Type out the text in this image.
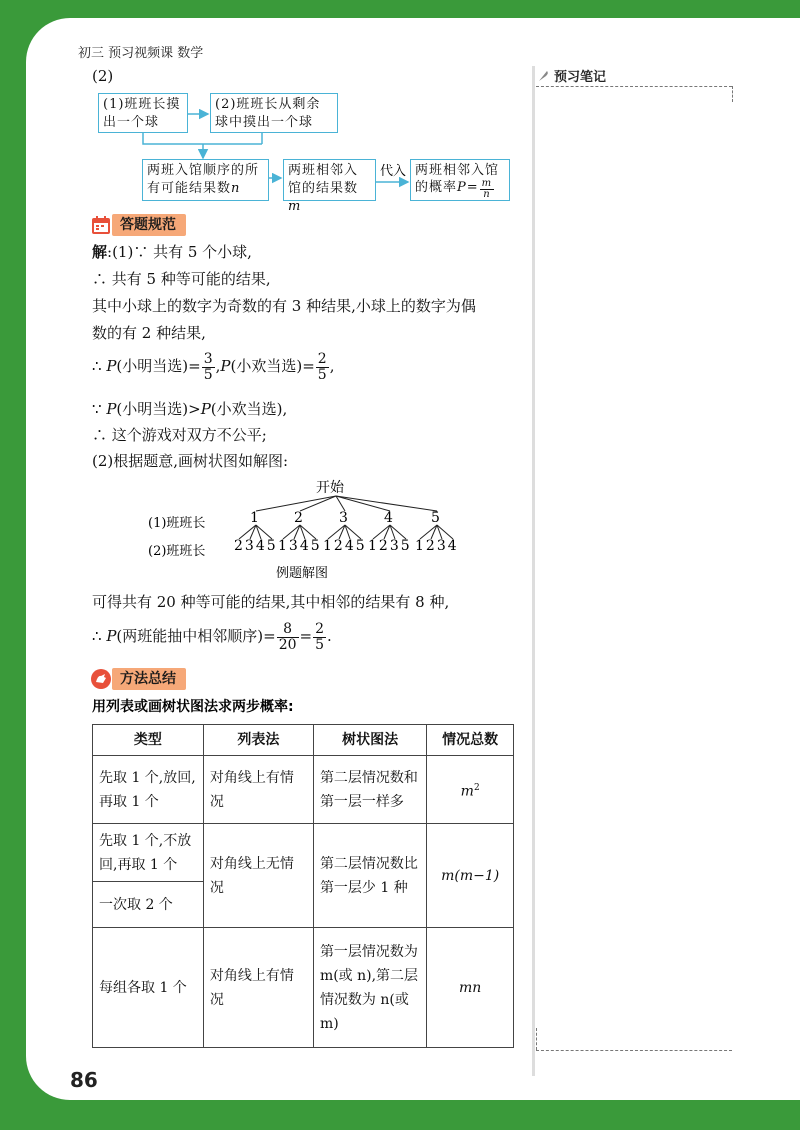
初三 预习视频课 数学
(2)	预习笔记
(1)班班长摸出一个球
(2)班班长从剩余球中摸出一个球
两班入馆顺序的所有可能结果数n
两班相邻入馆的结果数m
代入 两班相邻入馆
的概率$P= \frac{m}{n}$
答题规范
解:(1)∵ 共有 5 个小球,
∴ 共有 5 种等可能的结果,
其中小球上的数字为奇数的有 3 种结果,小球上的数字为偶
数的有 2 种结果,
∴ P(小明当选)= $\frac{3}{5} ,P$(小欢当选)= $\frac{2}{5}$ ,
∵ P(小明当选)>P(小欢当选),
∴ 这个游戏对双方不公平;
(2)根据题意,画树状图如解图:
开始
(1)班班长
(2)班班长
1	2	3	4	5
2345 1345 1245 1235 1234
例题解图
可得共有 20 种等可能的结果,其中相邻的结果有 8 种,
∴ P(两班能抽中相邻顺序)= $\frac{8}{20} = \frac{2}{5}$ .
方法总结
用列表或画树状图法求两步概率:
类型	列表法	树状图法	情况总数
先取 1 个,放回,再取 1 个	对角线上有情况	第二层情况数和第一层一样多	$m^2$
先取 1 个,不放回,再取 1 个	对角线上无情况	第二层情况数比第一层少 1 种	m(m−1)
一次取 2 个			
每组各取 1 个	对角线上有情况	第一层情况数为 m(或 n),第二层情况数为 n(或 m)	mn
86
